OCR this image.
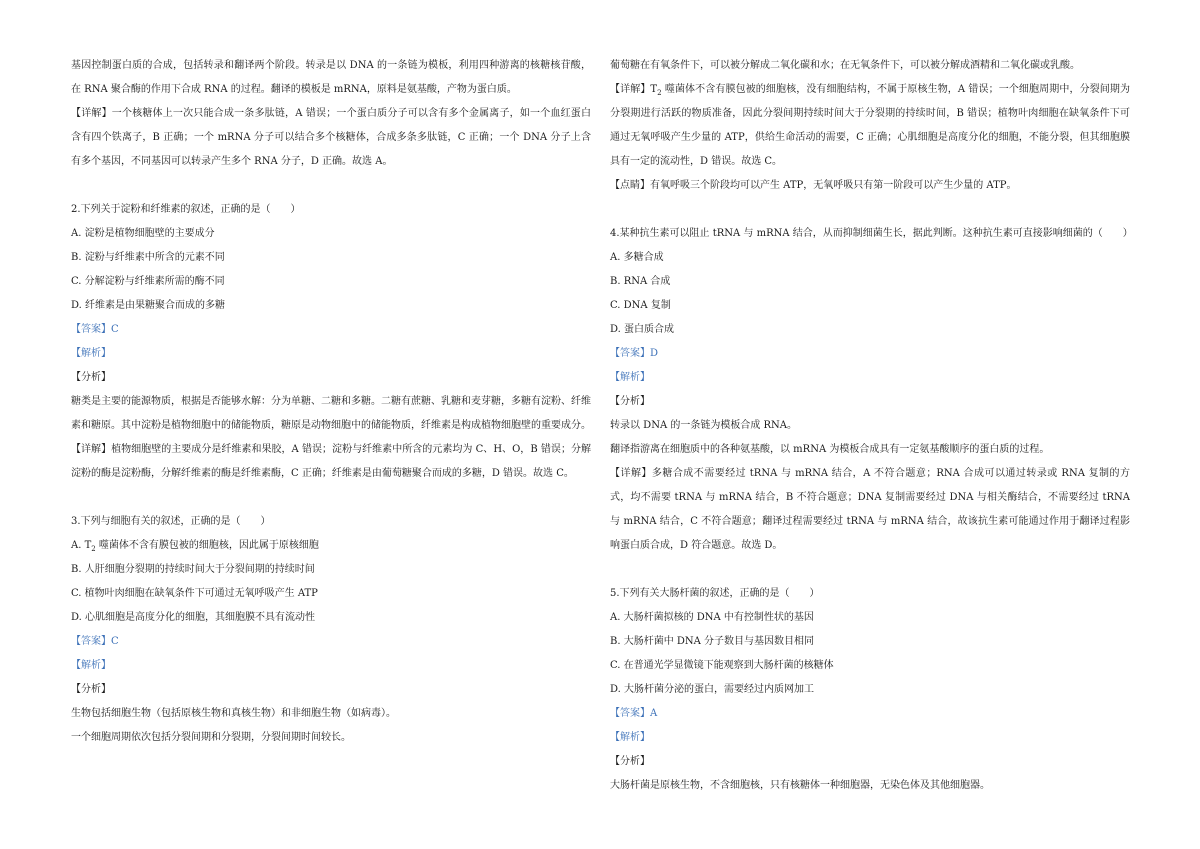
基因控制蛋白质的合成，包括转录和翻译两个阶段。转录是以 DNA 的一条链为模板，利用四种游离的核糖核苷酸，在 RNA 聚合酶的作用下合成 RNA 的过程。翻译的模板是 mRNA，原料是氨基酸，产物为蛋白质。

【详解】一个核糖体上一次只能合成一条多肽链，A 错误；一个蛋白质分子可以含有多个金属离子，如一个血红蛋白含有四个铁离子，B 正确；一个 mRNA 分子可以结合多个核糖体，合成多条多肽链，C 正确；一个 DNA 分子上含有多个基因，不同基因可以转录产生多个 RNA 分子，D 正确。故选 A。

2.下列关于淀粉和纤维素的叙述，正确的是（　　）

A. 淀粉是植物细胞壁的主要成分

B. 淀粉与纤维素中所含的元素不同

C. 分解淀粉与纤维素所需的酶不同

D. 纤维素是由果糖聚合而成的多糖

【答案】C

【解析】

【分析】

糖类是主要的能源物质，根据是否能够水解：分为单糖、二糖和多糖。二糖有蔗糖、乳糖和麦芽糖，多糖有淀粉、纤维素和糖原。其中淀粉是植物细胞中的储能物质，糖原是动物细胞中的储能物质，纤维素是构成植物细胞壁的重要成分。

【详解】植物细胞壁的主要成分是纤维素和果胶，A 错误；淀粉与纤维素中所含的元素均为 C、H、O，B 错误；分解淀粉的酶是淀粉酶，分解纤维素的酶是纤维素酶，C 正确；纤维素是由葡萄糖聚合而成的多糖，D 错误。故选 C。

3.下列与细胞有关的叙述，正确的是（　　）

A. $T_2$ 噬菌体不含有膜包被的细胞核，因此属于原核细胞

B. 人肝细胞分裂期的持续时间大于分裂间期的持续时间

C. 植物叶肉细胞在缺氧条件下可通过无氧呼吸产生 ATP

D. 心肌细胞是高度分化的细胞，其细胞膜不具有流动性

【答案】C

【解析】

【分析】

生物包括细胞生物（包括原核生物和真核生物）和非细胞生物（如病毒）。

一个细胞周期依次包括分裂间期和分裂期，分裂间期时间较长。

葡萄糖在有氧条件下，可以被分解成二氧化碳和水；在无氧条件下，可以被分解成酒精和二氧化碳或乳酸。

【详解】$T_2$ 噬菌体不含有膜包被的细胞核，没有细胞结构，不属于原核生物，A 错误；一个细胞周期中，分裂间期为分裂期进行活跃的物质准备，因此分裂间期持续时间大于分裂期的持续时间，B 错误；植物叶肉细胞在缺氧条件下可通过无氧呼吸产生少量的 ATP，供给生命活动的需要，C 正确；心肌细胞是高度分化的细胞，不能分裂，但其细胞膜具有一定的流动性，D 错误。故选 C。

【点睛】有氧呼吸三个阶段均可以产生 ATP，无氧呼吸只有第一阶段可以产生少量的 ATP。

4.某种抗生素可以阻止 tRNA 与 mRNA 结合，从而抑制细菌生长，据此判断。这种抗生素可直接影响细菌的（　　）

A. 多糖合成

B. RNA 合成

C. DNA 复制

D. 蛋白质合成

【答案】D

【解析】

【分析】

转录以 DNA 的一条链为模板合成 RNA。

翻译指游离在细胞质中的各种氨基酸，以 mRNA 为模板合成具有一定氨基酸顺序的蛋白质的过程。

【详解】多糖合成不需要经过 tRNA 与 mRNA 结合，A 不符合题意；RNA 合成可以通过转录或 RNA 复制的方式，均不需要 tRNA 与 mRNA 结合，B 不符合题意；DNA 复制需要经过 DNA 与相关酶结合，不需要经过 tRNA 与 mRNA 结合，C 不符合题意；翻译过程需要经过 tRNA 与 mRNA 结合，故该抗生素可能通过作用于翻译过程影响蛋白质合成，D 符合题意。故选 D。

5.下列有关大肠杆菌的叙述，正确的是（　　）

A. 大肠杆菌拟核的 DNA 中有控制性状的基因

B. 大肠杆菌中 DNA 分子数目与基因数目相同

C. 在普通光学显微镜下能观察到大肠杆菌的核糖体

D. 大肠杆菌分泌的蛋白，需要经过内质网加工

【答案】A

【解析】

【分析】

大肠杆菌是原核生物，不含细胞核，只有核糖体一种细胞器，无染色体及其他细胞器。
